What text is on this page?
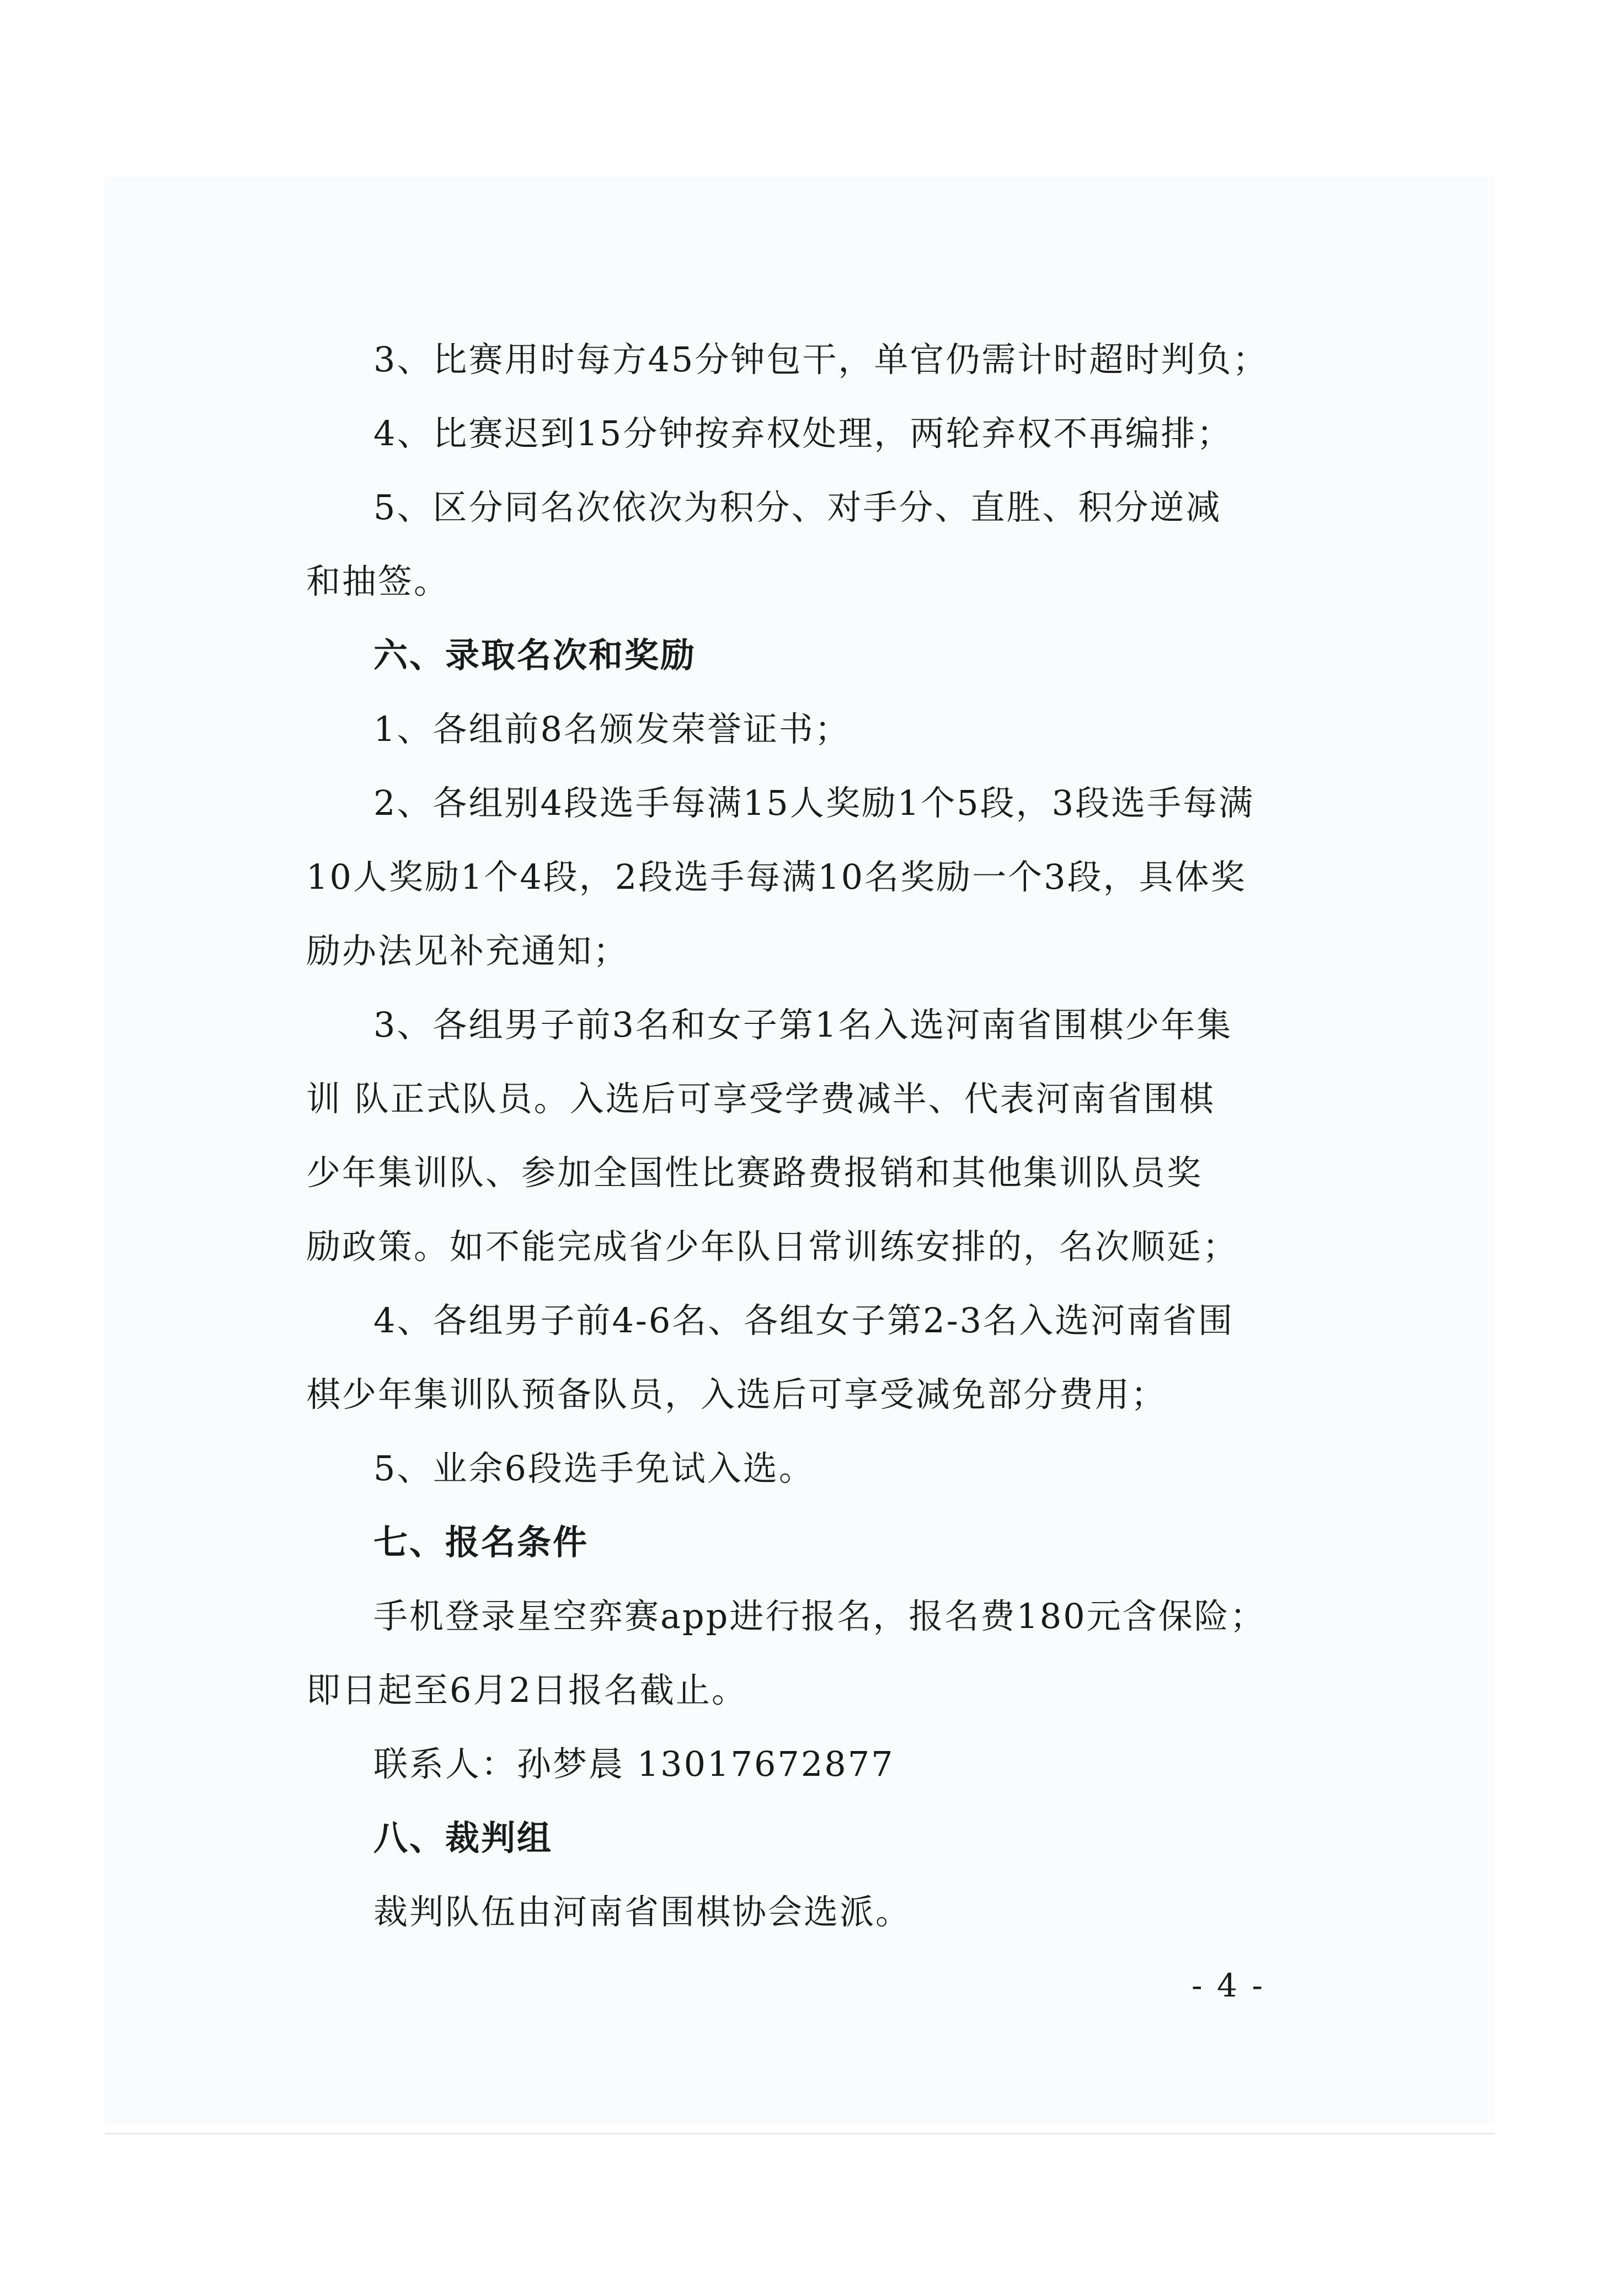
3、比赛用时每方45分钟包干，单官仍需计时超时判负；
4、比赛迟到15分钟按弃权处理，两轮弃权不再编排；
5、区分同名次依次为积分、对手分、直胜、积分逆减
和抽签。
六、录取名次和奖励
1、各组前8名颁发荣誉证书；
2、各组别4段选手每满15人奖励1个5段，3段选手每满
10人奖励1个4段，2段选手每满10名奖励一个3段，具体奖
励办法见补充通知；
3、各组男子前3名和女子第1名入选河南省围棋少年集
训 队正式队员。入选后可享受学费减半、代表河南省围棋
少年集训队、参加全国性比赛路费报销和其他集训队员奖
励政策。如不能完成省少年队日常训练安排的，名次顺延；
4、各组男子前4-6名、各组女子第2-3名入选河南省围
棋少年集训队预备队员，入选后可享受减免部分费用；
5、业余6段选手免试入选。
七、报名条件
手机登录星空弈赛app进行报名，报名费180元含保险；
即日起至6月2日报名截止。
联系人：孙梦晨 13017672877
八、裁判组
裁判队伍由河南省围棋协会选派。
- 4 -
